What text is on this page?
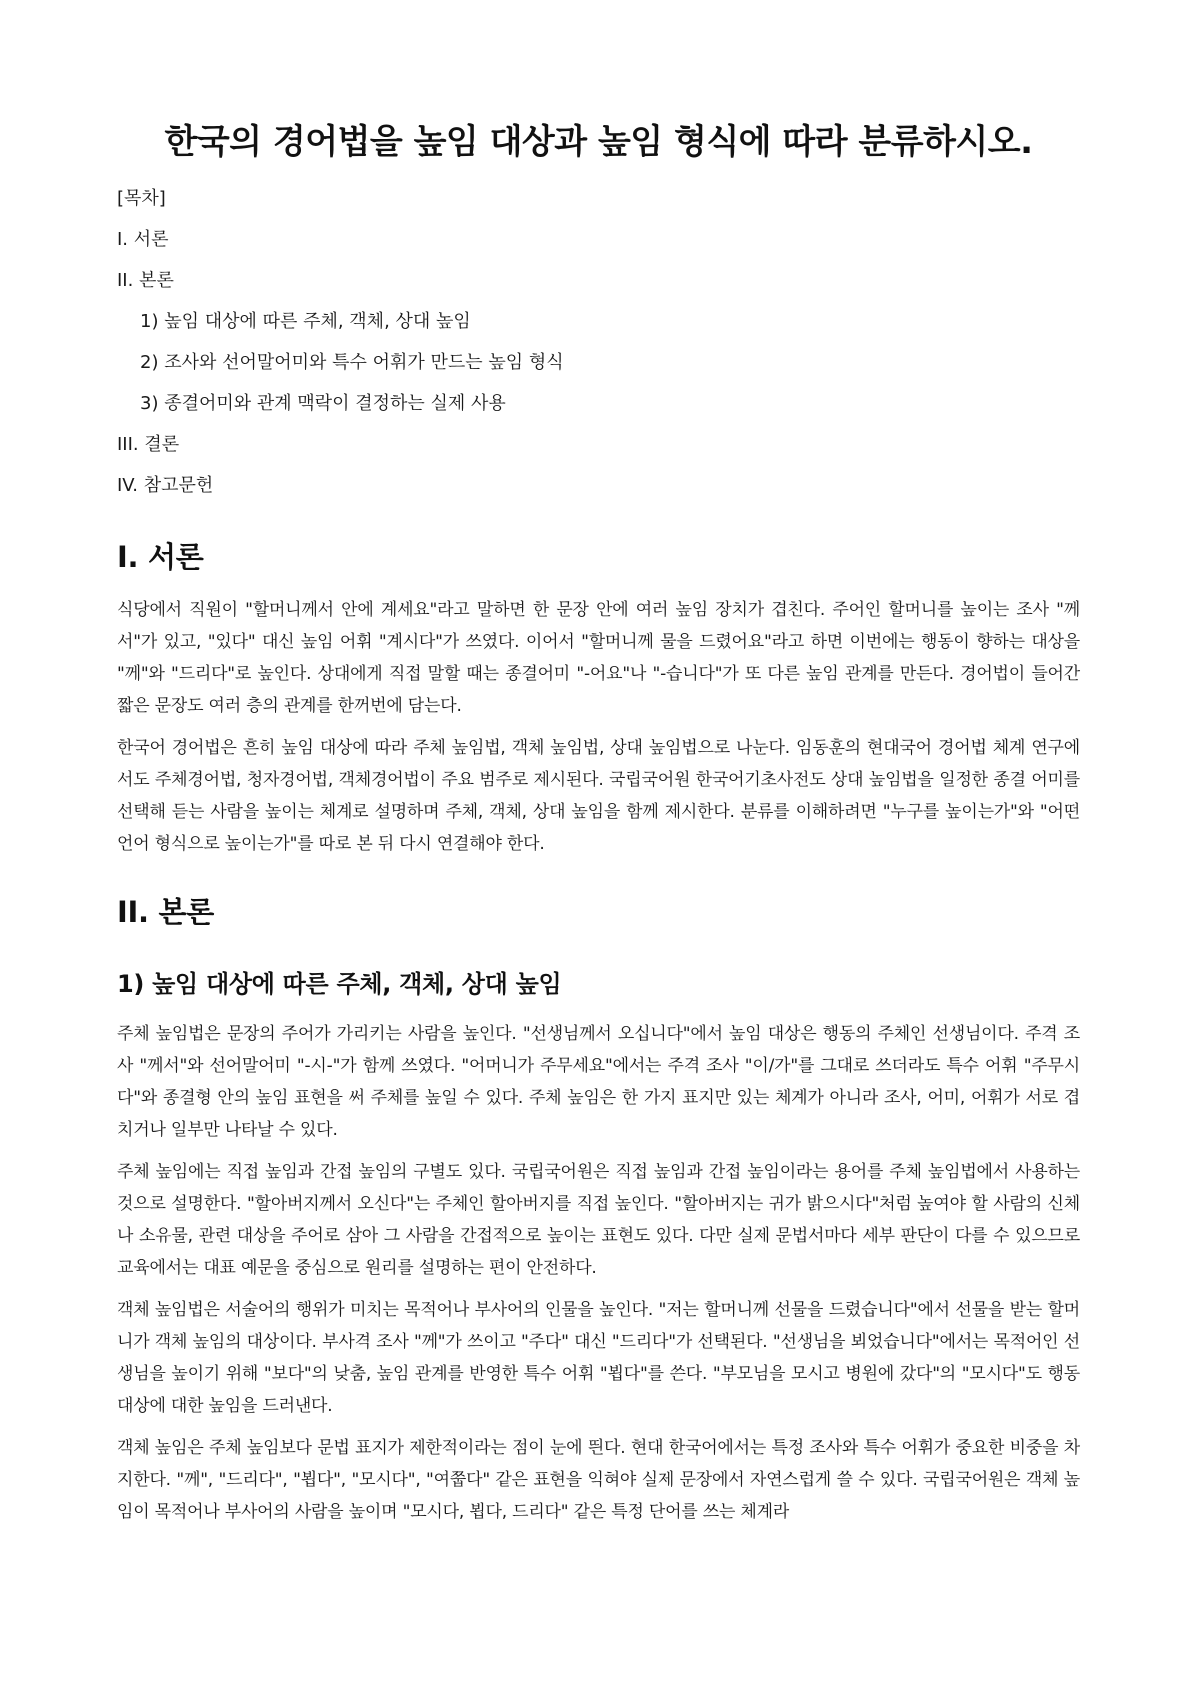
한국의 경어법을 높임 대상과 높임 형식에 따라 분류하시오.
[목차]
I. 서론
II. 본론
1) 높임 대상에 따른 주체, 객체, 상대 높임
2) 조사와 선어말어미와 특수 어휘가 만드는 높임 형식
3) 종결어미와 관계 맥락이 결정하는 실제 사용
III. 결론
IV. 참고문헌
I. 서론

식당에서 직원이 "할머니께서 안에 계세요"라고 말하면 한 문장 안에 여러 높임 장치가 겹친다. 주어인 할머니를 높이는 조사 "께서"가 있고, "있다" 대신 높임 어휘 "계시다"가 쓰였다. 이어서 "할머니께 물을 드렸어요"라고 하면 이번에는 행동이 향하는 대상을 "께"와 "드리다"로 높인다. 상대에게 직접 말할 때는 종결어미 "-어요"나 "-습니다"가 또 다른 높임 관계를 만든다. 경어법이 들어간 짧은 문장도 여러 층의 관계를 한꺼번에 담는다.

한국어 경어법은 흔히 높임 대상에 따라 주체 높임법, 객체 높임법, 상대 높임법으로 나눈다. 임동훈의 현대국어 경어법 체계 연구에서도 주체경어법, 청자경어법, 객체경어법이 주요 범주로 제시된다. 국립국어원 한국어기초사전도 상대 높임법을 일정한 종결 어미를 선택해 듣는 사람을 높이는 체계로 설명하며 주체, 객체, 상대 높임을 함께 제시한다. 분류를 이해하려면 "누구를 높이는가"와 "어떤 언어 형식으로 높이는가"를 따로 본 뒤 다시 연결해야 한다.

II. 본론
1) 높임 대상에 따른 주체, 객체, 상대 높임

주체 높임법은 문장의 주어가 가리키는 사람을 높인다. "선생님께서 오십니다"에서 높임 대상은 행동의 주체인 선생님이다. 주격 조사 "께서"와 선어말어미 "-시-"가 함께 쓰였다. "어머니가 주무세요"에서는 주격 조사 "이/가"를 그대로 쓰더라도 특수 어휘 "주무시다"와 종결형 안의 높임 표현을 써 주체를 높일 수 있다. 주체 높임은 한 가지 표지만 있는 체계가 아니라 조사, 어미, 어휘가 서로 겹치거나 일부만 나타날 수 있다.

주체 높임에는 직접 높임과 간접 높임의 구별도 있다. 국립국어원은 직접 높임과 간접 높임이라는 용어를 주체 높임법에서 사용하는 것으로 설명한다. "할아버지께서 오신다"는 주체인 할아버지를 직접 높인다. "할아버지는 귀가 밝으시다"처럼 높여야 할 사람의 신체나 소유물, 관련 대상을 주어로 삼아 그 사람을 간접적으로 높이는 표현도 있다. 다만 실제 문법서마다 세부 판단이 다를 수 있으므로 교육에서는 대표 예문을 중심으로 원리를 설명하는 편이 안전하다.

객체 높임법은 서술어의 행위가 미치는 목적어나 부사어의 인물을 높인다. "저는 할머니께 선물을 드렸습니다"에서 선물을 받는 할머니가 객체 높임의 대상이다. 부사격 조사 "께"가 쓰이고 "주다" 대신 "드리다"가 선택된다. "선생님을 뵈었습니다"에서는 목적어인 선생님을 높이기 위해 "보다"의 낮춤, 높임 관계를 반영한 특수 어휘 "뵙다"를 쓴다. "부모님을 모시고 병원에 갔다"의 "모시다"도 행동 대상에 대한 높임을 드러낸다.

객체 높임은 주체 높임보다 문법 표지가 제한적이라는 점이 눈에 띈다. 현대 한국어에서는 특정 조사와 특수 어휘가 중요한 비중을 차지한다. "께", "드리다", "뵙다", "모시다", "여쭙다" 같은 표현을 익혀야 실제 문장에서 자연스럽게 쓸 수 있다. 국립국어원은 객체 높임이 목적어나 부사어의 사람을 높이며 "모시다, 뵙다, 드리다" 같은 특정 단어를 쓰는 체계라
